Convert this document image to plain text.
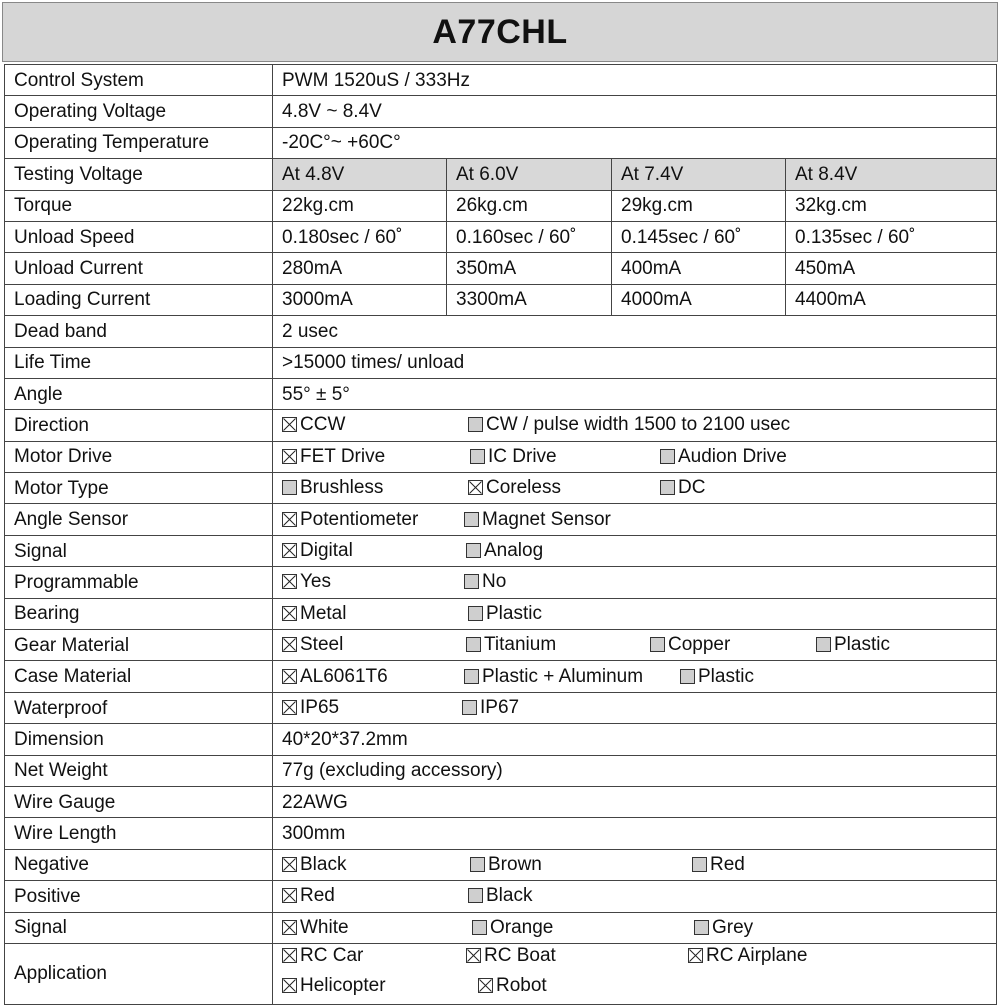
A77CHL
Control System	PWM 1520uS / 333Hz			
Operating Voltage	4.8V ~ 8.4V			
Operating Temperature	-20C°~ +60C°			
Testing Voltage	At 4.8V	At 6.0V	At 7.4V	At 8.4V
Torque	22kg.cm	26kg.cm	29kg.cm	32kg.cm
Unload Speed	0.180sec / 60˚	0.160sec / 60˚	0.145sec / 60˚	0.135sec / 60˚
Unload Current	280mA	350mA	400mA	450mA
Loading Current	3000mA	3300mA	4000mA	4400mA
Dead band	2 usec			
Life Time	>15000 times/ unload			
Angle	55° ± 5°			
Direction	CCW CW / pulse width 1500 to 2100 usec			

Motor Drive	FET Drive IC Drive Audion Drive			

Motor Type	Brushless Coreless DC			

Angle Sensor	Potentiometer Magnet Sensor			

Signal	Digital Analog			

Programmable	Yes No			

Bearing	Metal Plastic			

Gear Material	Steel Titanium Copper Plastic			

Case Material	AL6061T6 Plastic + Aluminum Plastic			

Waterproof	IP65 IP67			

Dimension	40*20*37.2mm			
Net Weight	77g (excluding accessory)			
Wire Gauge	22AWG			
Wire Length	300mm			
Negative	Black Brown Red			

Positive	Red Black			

Signal	White Orange Grey			

Application	RC Car RC Boat RC Airplane
Helicopter Robot			
